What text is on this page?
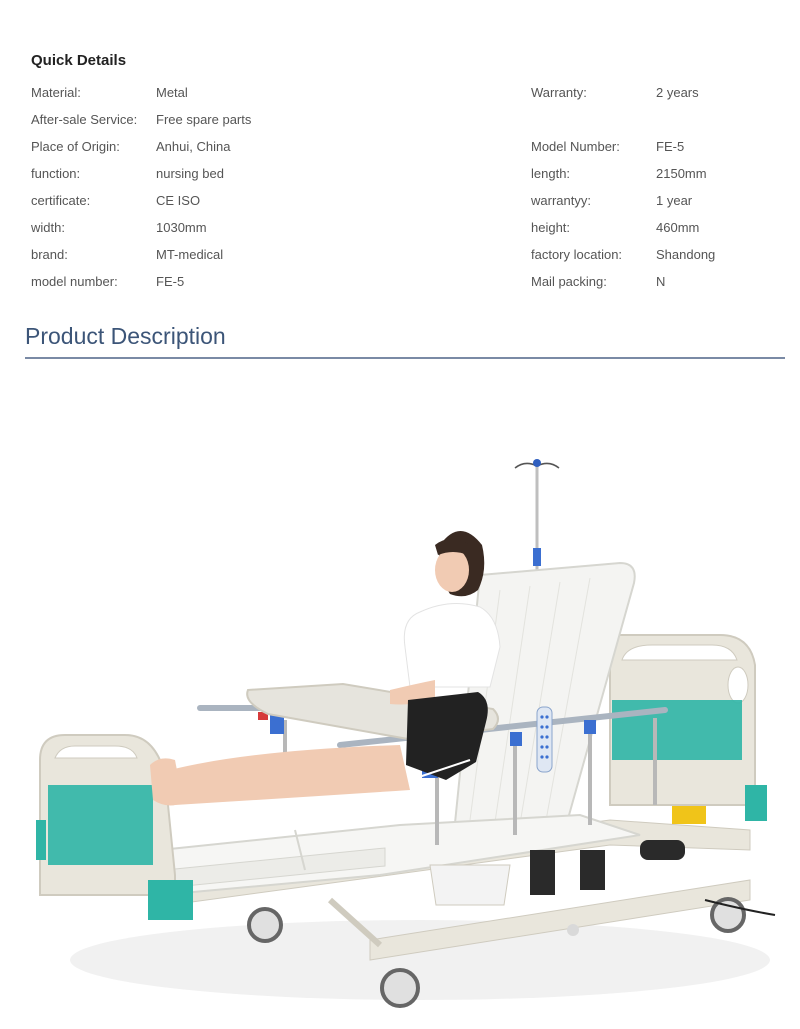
Quick Details
Material:	Metal
After-sale Service: Free spare parts
Place of Origin:	Anhui, China
function:	nursing bed
certificate:	CE ISO
width:	1030mm
brand:	MT-medical
model number:	FE-5
Warranty:	2 years
Model Number:	FE-5
length:	2150mm
warrantyy:	1 year
height:	460mm
factory location:	Shandong
Mail packing:	N
Product Description
